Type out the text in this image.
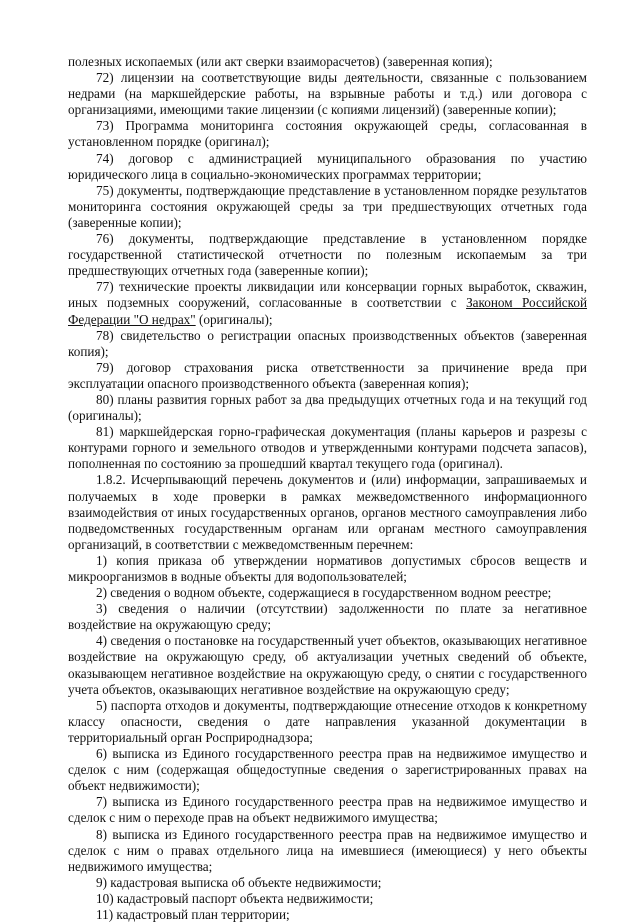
полезных ископаемых (или акт сверки взаиморасчетов) (заверенная копия);

72) лицензии на соответствующие виды деятельности, связанные с пользованием недрами (на маркшейдерские работы, на взрывные работы и т.д.) или договора с организациями, имеющими такие лицензии (с копиями лицензий) (заверенные копии);

73) Программа мониторинга состояния окружающей среды, согласованная в установленном порядке (оригинал);

74) договор с администрацией муниципального образования по участию юридического лица в социально-экономических программах территории;

75) документы, подтверждающие представление в установленном порядке результатов мониторинга состояния окружающей среды за три предшествующих отчетных года (заверенные копии);

76) документы, подтверждающие представление в установленном порядке государственной статистической отчетности по полезным ископаемым за три предшествующих отчетных года (заверенные копии);

77) технические проекты ликвидации или консервации горных выработок, скважин, иных подземных сооружений, согласованные в соответствии с Законом Российской Федерации "О недрах" (оригиналы);

78) свидетельство о регистрации опасных производственных объектов (заверенная копия);

79) договор страхования риска ответственности за причинение вреда при эксплуатации опасного производственного объекта (заверенная копия);

80) планы развития горных работ за два предыдущих отчетных года и на текущий год (оригиналы);

81) маркшейдерская горно-графическая документация (планы карьеров и разрезы с контурами горного и земельного отводов и утвержденными контурами подсчета запасов), пополненная по состоянию за прошедший квартал текущего года (оригинал).

1.8.2. Исчерпывающий перечень документов и (или) информации, запрашиваемых и получаемых в ходе проверки в рамках межведомственного информационного взаимодействия от иных государственных органов, органов местного самоуправления либо подведомственных государственным органам или органам местного самоуправления организаций, в соответствии с межведомственным перечнем:

1) копия приказа об утверждении нормативов допустимых сбросов веществ и микроорганизмов в водные объекты для водопользователей;

2) сведения о водном объекте, содержащиеся в государственном водном реестре;

3) сведения о наличии (отсутствии) задолженности по плате за негативное воздействие на окружающую среду;

4) сведения о постановке на государственный учет объектов, оказывающих негативное воздействие на окружающую среду, об актуализации учетных сведений об объекте, оказывающем негативное воздействие на окружающую среду, о снятии с государственного учета объектов, оказывающих негативное воздействие на окружающую среду;

5) паспорта отходов и документы, подтверждающие отнесение отходов к конкретному классу опасности, сведения о дате направления указанной документации в территориальный орган Росприроднадзора;

6) выписка из Единого государственного реестра прав на недвижимое имущество и сделок с ним (содержащая общедоступные сведения о зарегистрированных правах на объект недвижимости);

7) выписка из Единого государственного реестра прав на недвижимое имущество и сделок с ним о переходе прав на объект недвижимого имущества;

8) выписка из Единого государственного реестра прав на недвижимое имущество и сделок с ним о правах отдельного лица на имевшиеся (имеющиеся) у него объекты недвижимого имущества;

9) кадастровая выписка об объекте недвижимости;

10) кадастровый паспорт объекта недвижимости;

11) кадастровый план территории;
